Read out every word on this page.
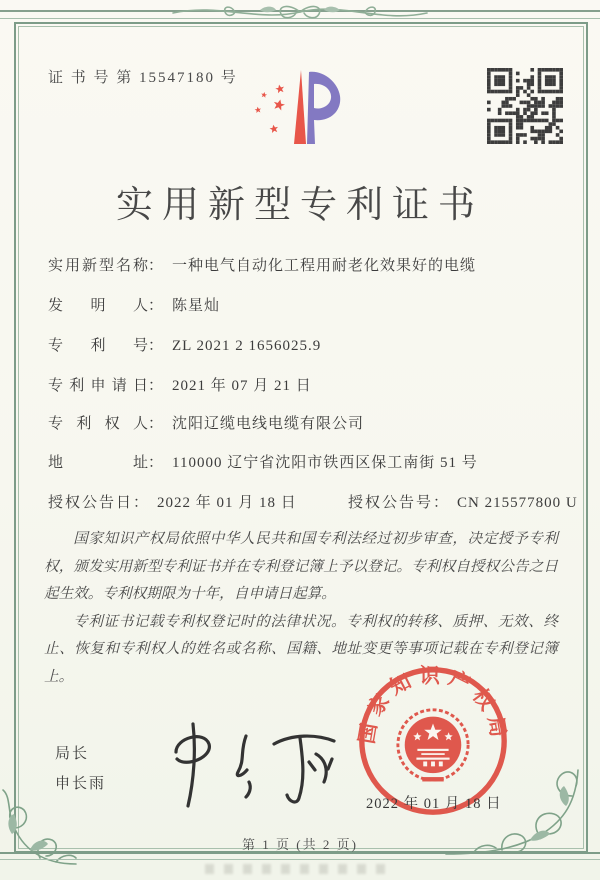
证 书 号 第 15547180 号
实用新型专利证书
实用新型名称： 一种电气自动化工程用耐老化效果好的电缆
发明人： 陈星灿
专利号： ZL 2021 2 1656025.9
专利申请日： 2021 年 07 月 21 日
专利权人： 沈阳辽缆电线电缆有限公司
地址： 110000 辽宁省沈阳市铁西区保工南街 51 号
授权公告日： 2022 年 01 月 18 日	授权公告号： CN 215577800 U

国家知识产权局依照中华人民共和国专利法经过初步审查，决定授予专利权，颁发实用新型专利证书并在专利登记簿上予以登记。专利权自授权公告之日起生效。专利权期限为十年，自申请日起算。

专利证书记载专利权登记时的法律状况。专利权的转移、质押、无效、终止、恢复和专利权人的姓名或名称、国籍、地址变更等事项记载在专利登记簿上。

局长
申长雨
国家知识产权局
2022 年 01 月 18 日
第 1 页 (共 2 页)
